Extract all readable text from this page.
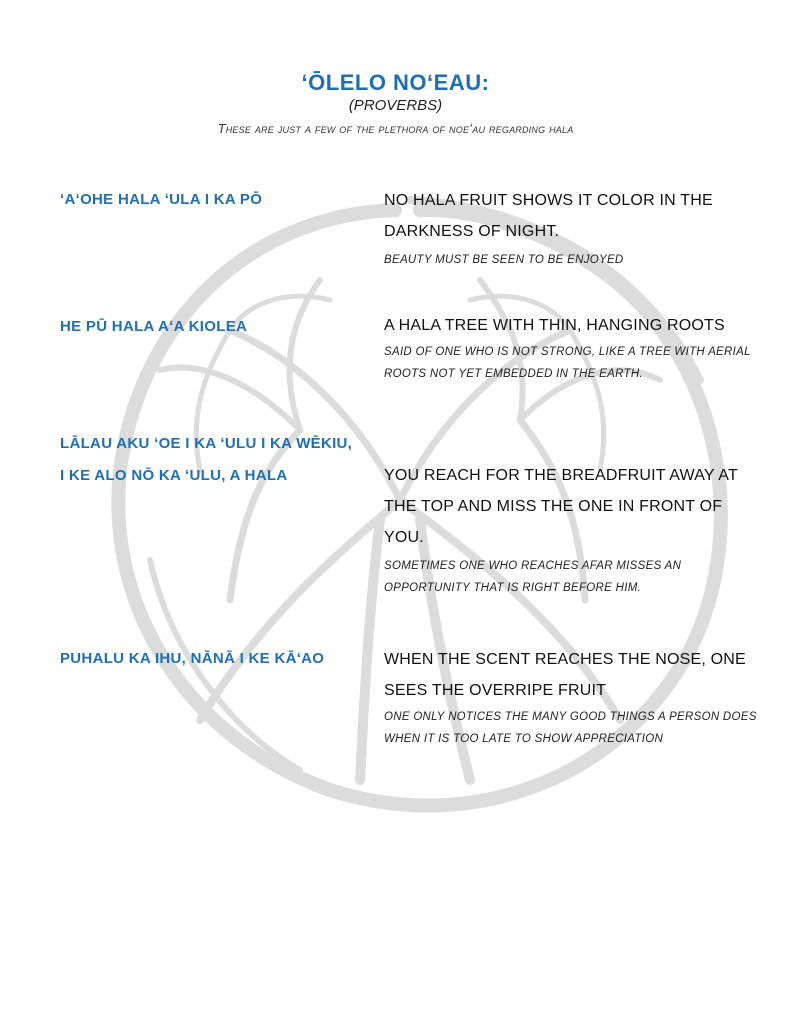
ʻŌLELO NOʻEAU:
(PROVERBS)
These are just a few of the plethora of noeʻau regarding hala
ʻAʻOHE HALA ʻULA I KA PŌ	NO HALA FRUIT SHOWS IT COLOR IN THE DARKNESS OF NIGHT.
BEAUTY MUST BE SEEN TO BE ENJOYED
HE PŪ HALA AʻA KIOLEA	A HALA TREE WITH THIN, HANGING ROOTS
SAID OF ONE WHO IS NOT STRONG, LIKE A TREE WITH AERIAL ROOTS NOT YET EMBEDDED IN THE EARTH.
LĀLAU AKU ʻOE I KA ʻULU I KA WĒKIU,
I KE ALO NŌ KA ʻULU, A HALA	YOU REACH FOR THE BREADFRUIT AWAY AT THE TOP AND MISS THE ONE IN FRONT OF YOU.
SOMETIMES ONE WHO REACHES AFAR MISSES AN OPPORTUNITY THAT IS RIGHT BEFORE HIM.
PUHALU KA IHU, NĀNĀ I KE KĀʻAO	WHEN THE SCENT REACHES THE NOSE, ONE SEES THE OVERRIPE FRUIT
ONE ONLY NOTICES THE MANY GOOD THINGS A PERSON DOES WHEN IT IS TOO LATE TO SHOW APPRECIATION
